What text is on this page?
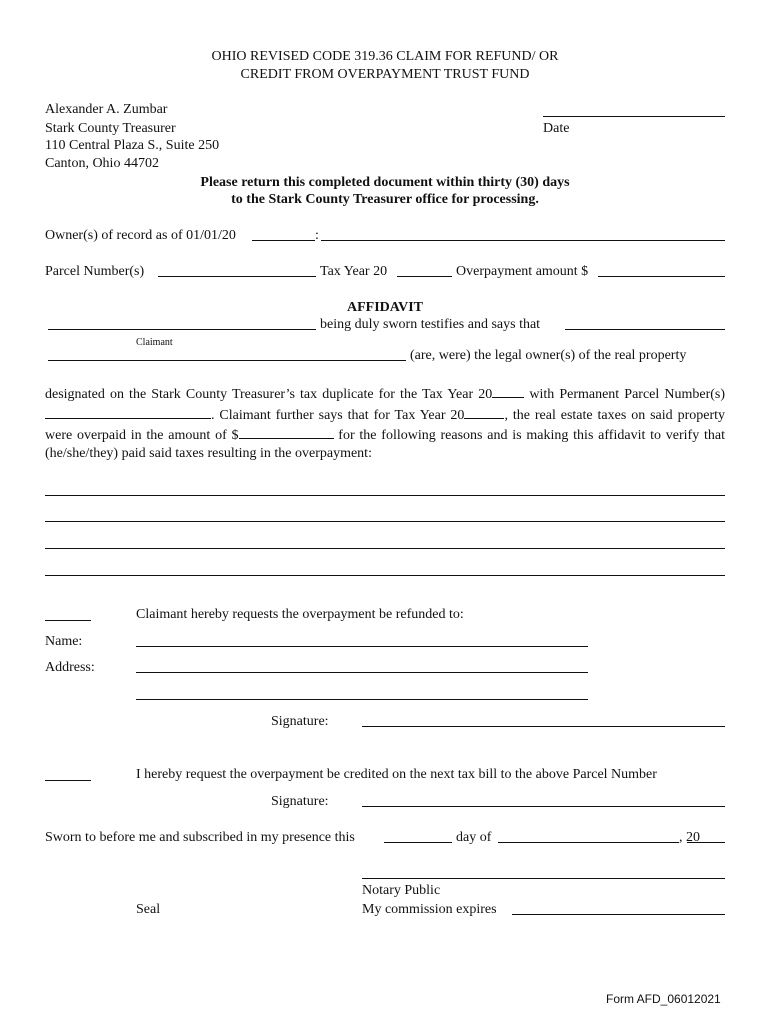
OHIO REVISED CODE 319.36 CLAIM FOR REFUND/ OR
CREDIT FROM OVERPAYMENT TRUST FUND
Alexander A. Zumbar
Stark County Treasurer
110 Central Plaza S., Suite 250
Canton, Ohio 44702
Date
Please return this completed document within thirty (30) days
to the Stark County Treasurer office for processing.
Owner(s) of record as of 01/01/20	:
Parcel Number(s)	Tax Year 20	Overpayment amount $
AFFIDAVIT
being duly sworn testifies and says that
Claimant
(are, were) the legal owner(s) of the real property
designated on the Stark County Treasurer’s tax duplicate for the Tax Year 20	with Permanent Parcel Number(s) . Claimant further says that for Tax Year 20	, the real estate taxes on said property were overpaid in the amount of $	for the following reasons and is making this affidavit to verify that (he/she/they) paid said taxes resulting in the overpayment:
Claimant hereby requests the overpayment be refunded to:
Name:
Address:
Signature:
I hereby request the overpayment be credited on the next tax bill to the above Parcel Number
Signature:
Sworn to before me and subscribed in my presence this	day of	, 20
Notary Public
Seal	My commission expires
Form AFD_06012021
